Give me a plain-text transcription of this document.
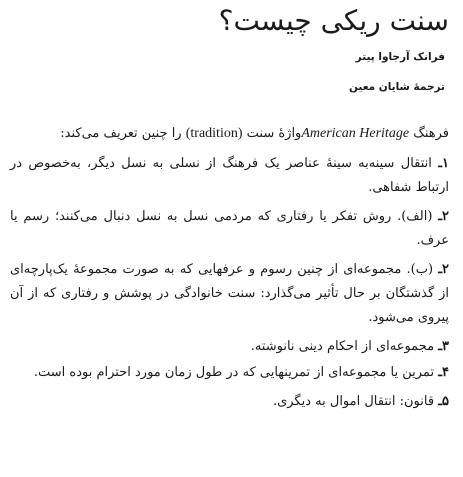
سنت ریکی چیست؟
فرانک آرجاوا پیتر
ترجمهٔ شایان معین

فرهنگ American Heritageواژهٔ سنت (tradition) را چنین تعریف می‌کند:

۱ـ انتقال سینه‌به سینهٔ عناصر یک فرهنگ از نسلی به نسل دیگر، به‌خصوص در ارتباط شفاهی.
۲ـ (الف). روش تفکر یا رفتاری که مردمی نسل به نسل دنبال می‌کنند؛ رسم یا عرف.
۲ـ (ب). مجموعه‌ای از چنین رسوم و عرفهایی که به صورت مجموعهٔ یک‌پارچه‌ای از گذشتگان بر حال تأثیر می‌گذارد: سنت خانوادگی در پوشش و رفتاری که از آن پیروی می‌شود.
۳ـ مجموعه‌ای از احکام دینی نانوشته.
۴ـ تمرین یا مجموعه‌ای از تمرینهایی که در طول زمان مورد احترام بوده است.
۵ـ قانون: انتقال اموال به دیگری.
